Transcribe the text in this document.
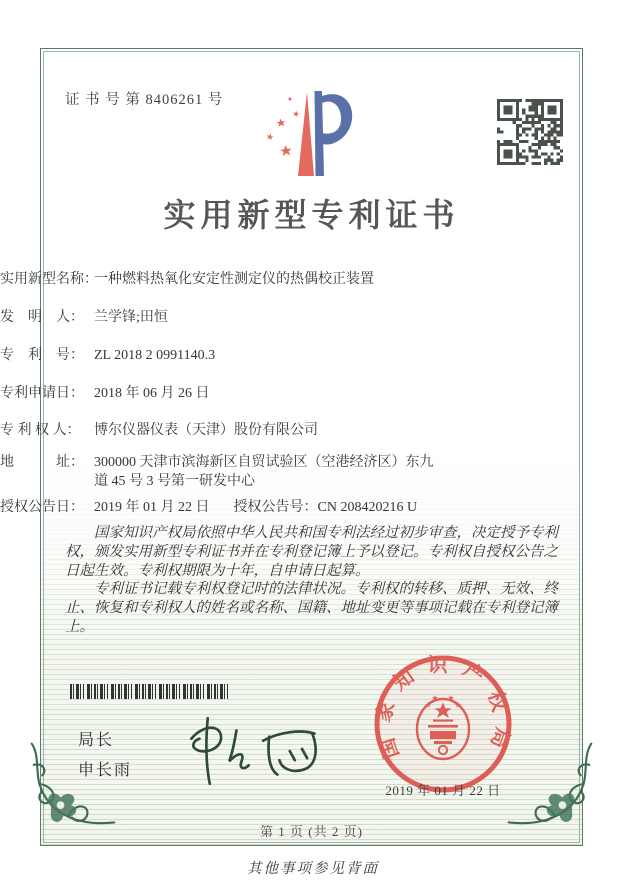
证 书 号 第 8406261 号
实用新型专利证书
实用新型名称：
一种燃料热氧化安定性测定仪的热偶校正装置
发　明　人： 兰学锋;田恒
专　利　号： ZL 2018 2 0991140.3
专利申请日： 2018 年 06 月 26 日
专 利 权 人： 博尔仪器仪表（天津）股份有限公司
地　　　址： 300000 天津市滨海新区自贸试验区（空港经济区）东九
道 45 号 3 号第一研发中心
授权公告日： 2019 年 01 月 22 日 授权公告号： CN 208420216 U

国家知识产权局依照中华人民共和国专利法经过初步审查，决定授予专利权，颁发实用新型专利证书并在专利登记簿上予以登记。专利权自授权公告之日起生效。专利权期限为十年，自申请日起算。

专利证书记载专利权登记时的法律状况。专利权的转移、质押、无效、终止、恢复和专利权人的姓名或名称、国籍、地址变更等事项记载在专利登记簿上。

局长
申长雨
国家知识产权局
2019 年 01 月 22 日
第 1 页 (共 2 页)
其他事项参见背面
